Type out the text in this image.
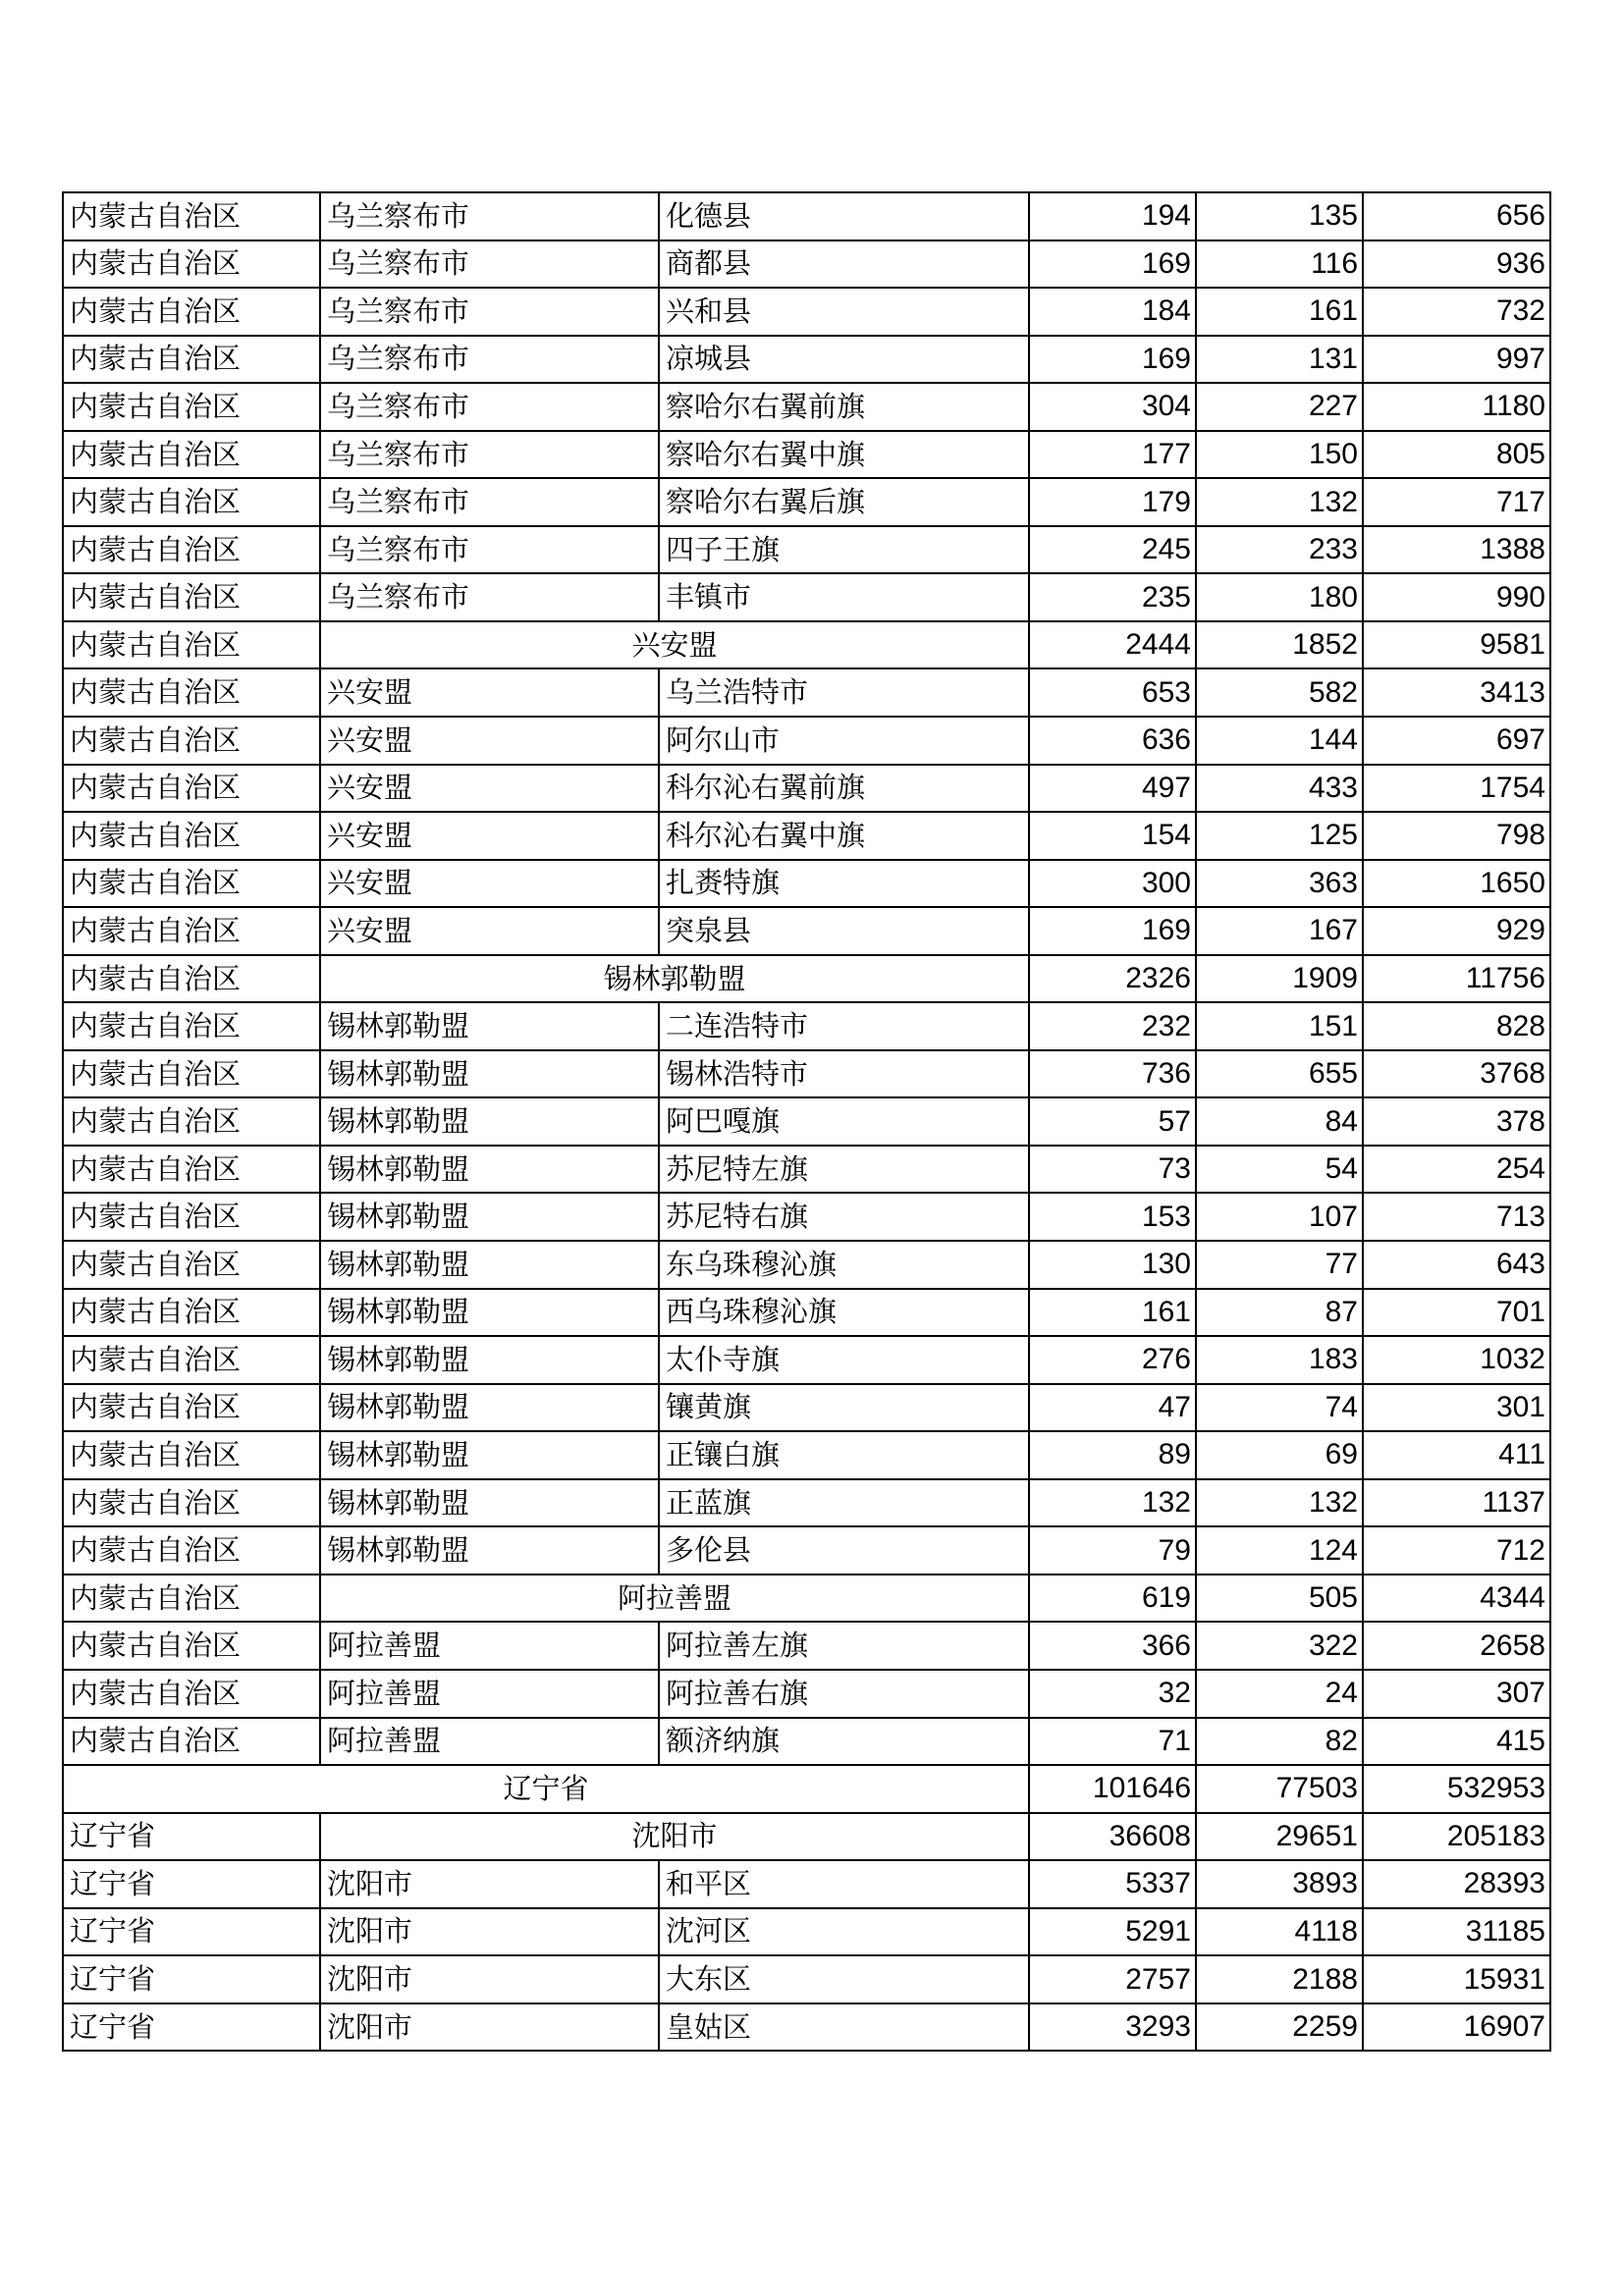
内蒙古自治区	乌兰察布市	化德县	194	135	656
内蒙古自治区	乌兰察布市	商都县	169	116	936
内蒙古自治区	乌兰察布市	兴和县	184	161	732
内蒙古自治区	乌兰察布市	凉城县	169	131	997
内蒙古自治区	乌兰察布市	察哈尔右翼前旗	304	227	1180
内蒙古自治区	乌兰察布市	察哈尔右翼中旗	177	150	805
内蒙古自治区	乌兰察布市	察哈尔右翼后旗	179	132	717
内蒙古自治区	乌兰察布市	四子王旗	245	233	1388
内蒙古自治区	乌兰察布市	丰镇市	235	180	990
内蒙古自治区	兴安盟		2444	1852	9581
内蒙古自治区	兴安盟	乌兰浩特市	653	582	3413
内蒙古自治区	兴安盟	阿尔山市	636	144	697
内蒙古自治区	兴安盟	科尔沁右翼前旗	497	433	1754
内蒙古自治区	兴安盟	科尔沁右翼中旗	154	125	798
内蒙古自治区	兴安盟	扎赉特旗	300	363	1650
内蒙古自治区	兴安盟	突泉县	169	167	929
内蒙古自治区	锡林郭勒盟		2326	1909	11756
内蒙古自治区	锡林郭勒盟	二连浩特市	232	151	828
内蒙古自治区	锡林郭勒盟	锡林浩特市	736	655	3768
内蒙古自治区	锡林郭勒盟	阿巴嘎旗	57	84	378
内蒙古自治区	锡林郭勒盟	苏尼特左旗	73	54	254
内蒙古自治区	锡林郭勒盟	苏尼特右旗	153	107	713
内蒙古自治区	锡林郭勒盟	东乌珠穆沁旗	130	77	643
内蒙古自治区	锡林郭勒盟	西乌珠穆沁旗	161	87	701
内蒙古自治区	锡林郭勒盟	太仆寺旗	276	183	1032
内蒙古自治区	锡林郭勒盟	镶黄旗	47	74	301
内蒙古自治区	锡林郭勒盟	正镶白旗	89	69	411
内蒙古自治区	锡林郭勒盟	正蓝旗	132	132	1137
内蒙古自治区	锡林郭勒盟	多伦县	79	124	712
内蒙古自治区	阿拉善盟		619	505	4344
内蒙古自治区	阿拉善盟	阿拉善左旗	366	322	2658
内蒙古自治区	阿拉善盟	阿拉善右旗	32	24	307
内蒙古自治区	阿拉善盟	额济纳旗	71	82	415
辽宁省			101646	77503	532953
辽宁省	沈阳市		36608	29651	205183
辽宁省	沈阳市	和平区	5337	3893	28393
辽宁省	沈阳市	沈河区	5291	4118	31185
辽宁省	沈阳市	大东区	2757	2188	15931
辽宁省	沈阳市	皇姑区	3293	2259	16907
